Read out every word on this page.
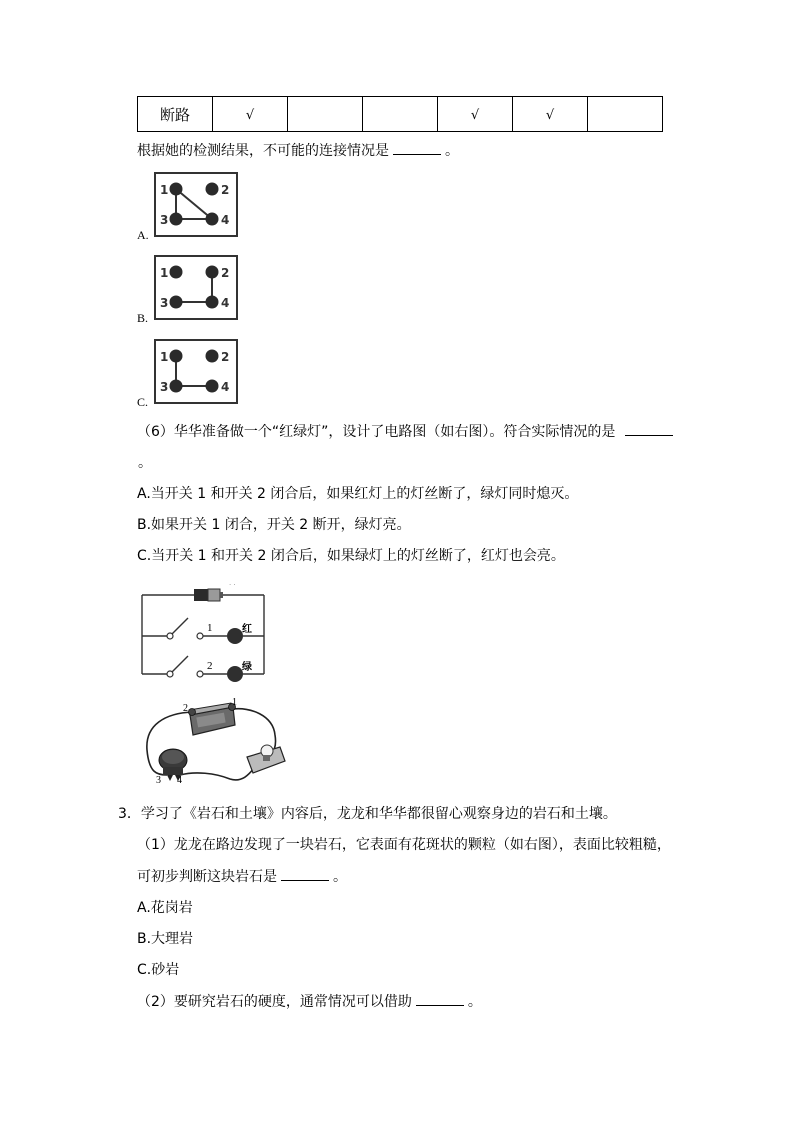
断路	√			√	√	
根据她的检测结果，不可能的连接情况是	。
A.
1	2
3	4
B.
1	2
3	4
C.
1	2
3	4
（6）华华准备做一个“红绿灯”，设计了电路图（如右图）。符合实际情况的是
。
A.当开关 1 和开关 2 闭合后，如果红灯上的灯丝断了，绿灯同时熄灭。
B.如果开关 1 闭合，开关 2 断开，绿灯亮。
C.当开关 1 和开关 2 闭合后，如果绿灯上的灯丝断了，红灯也会亮。
· ·
1
2
红
绿
2
1
3 4
3．学习了《岩石和土壤》内容后，龙龙和华华都很留心观察身边的岩石和土壤。
（1）龙龙在路边发现了一块岩石，它表面有花斑状的颗粒（如右图），表面比较粗糙，
可初步判断这块岩石是	。
A.花岗岩
B.大理岩
C.砂岩
（2）要研究岩石的硬度，通常情况可以借助	。
